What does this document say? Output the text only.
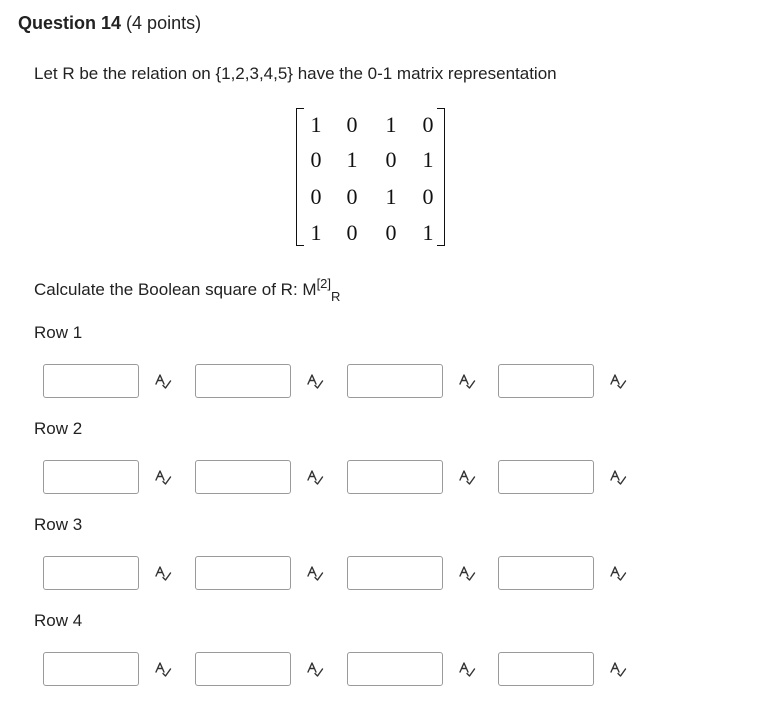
Question 14 (4 points)
Let R be the relation on {1,2,3,4,5} have the 0-1 matrix representation
1 0 1 0
0 1 0 1
0 0 1 0
1 0 0 1
Calculate the Boolean square of R: $M[2]_R$
Row 1
Row 2
Row 3
Row 4
